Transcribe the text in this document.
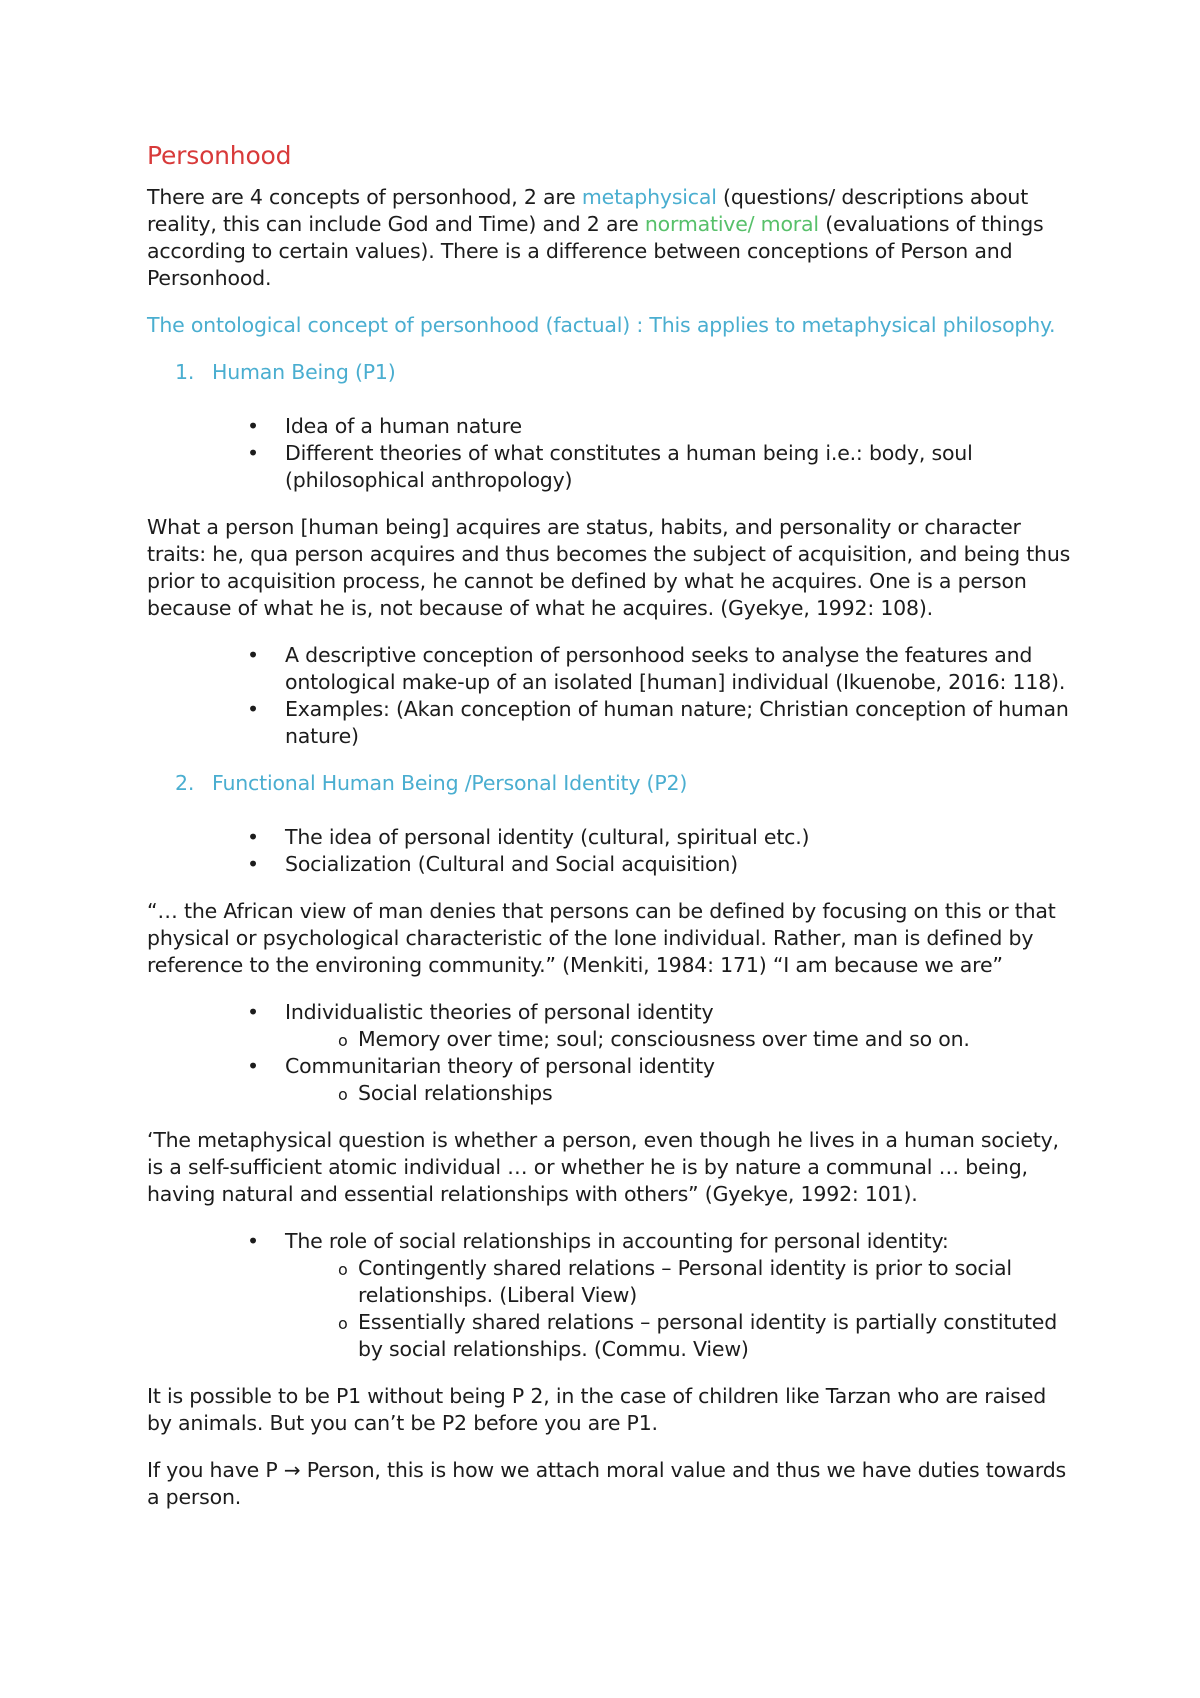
Personhood

There are 4 concepts of personhood, 2 are metaphysical (questions/ descriptions about reality, this can include God and Time) and 2 are normative/ moral (evaluations of things according to certain values). There is a difference between conceptions of Person and Personhood.

The ontological concept of personhood (factual) : This applies to metaphysical philosophy.

1. Human Being (P1)
• Idea of a human nature
• Different theories of what constitutes a human being i.e.: body, soul (philosophical anthropology)

What a person [human being] acquires are status, habits, and personality or character traits: he, qua person acquires and thus becomes the subject of acquisition, and being thus prior to acquisition process, he cannot be defined by what he acquires. One is a person because of what he is, not because of what he acquires. (Gyekye, 1992: 108).

• A descriptive conception of personhood seeks to analyse the features and ontological make-up of an isolated [human] individual (Ikuenobe, 2016: 118).
• Examples: (Akan conception of human nature; Christian conception of human nature)
2. Functional Human Being /Personal Identity (P2)
• The idea of personal identity (cultural, spiritual etc.)
• Socialization (Cultural and Social acquisition)

“… the African view of man denies that persons can be defined by focusing on this or that physical or psychological characteristic of the lone individual. Rather, man is defined by reference to the environing community.” (Menkiti, 1984: 171) “I am because we are”

• Individualistic theories of personal identity
o Memory over time; soul; consciousness over time and so on.
• Communitarian theory of personal identity
o Social relationships

‘The metaphysical question is whether a person, even though he lives in a human society, is a self-sufficient atomic individual … or whether he is by nature a communal … being, having natural and essential relationships with others” (Gyekye, 1992: 101).

• The role of social relationships in accounting for personal identity:
o Contingently shared relations – Personal identity is prior to social relationships. (Liberal View)
o Essentially shared relations – personal identity is partially constituted by social relationships. (Commu. View)

It is possible to be P1 without being P 2, in the case of children like Tarzan who are raised by animals. But you can’t be P2 before you are P1.

If you have P → Person, this is how we attach moral value and thus we have duties towards a person.
